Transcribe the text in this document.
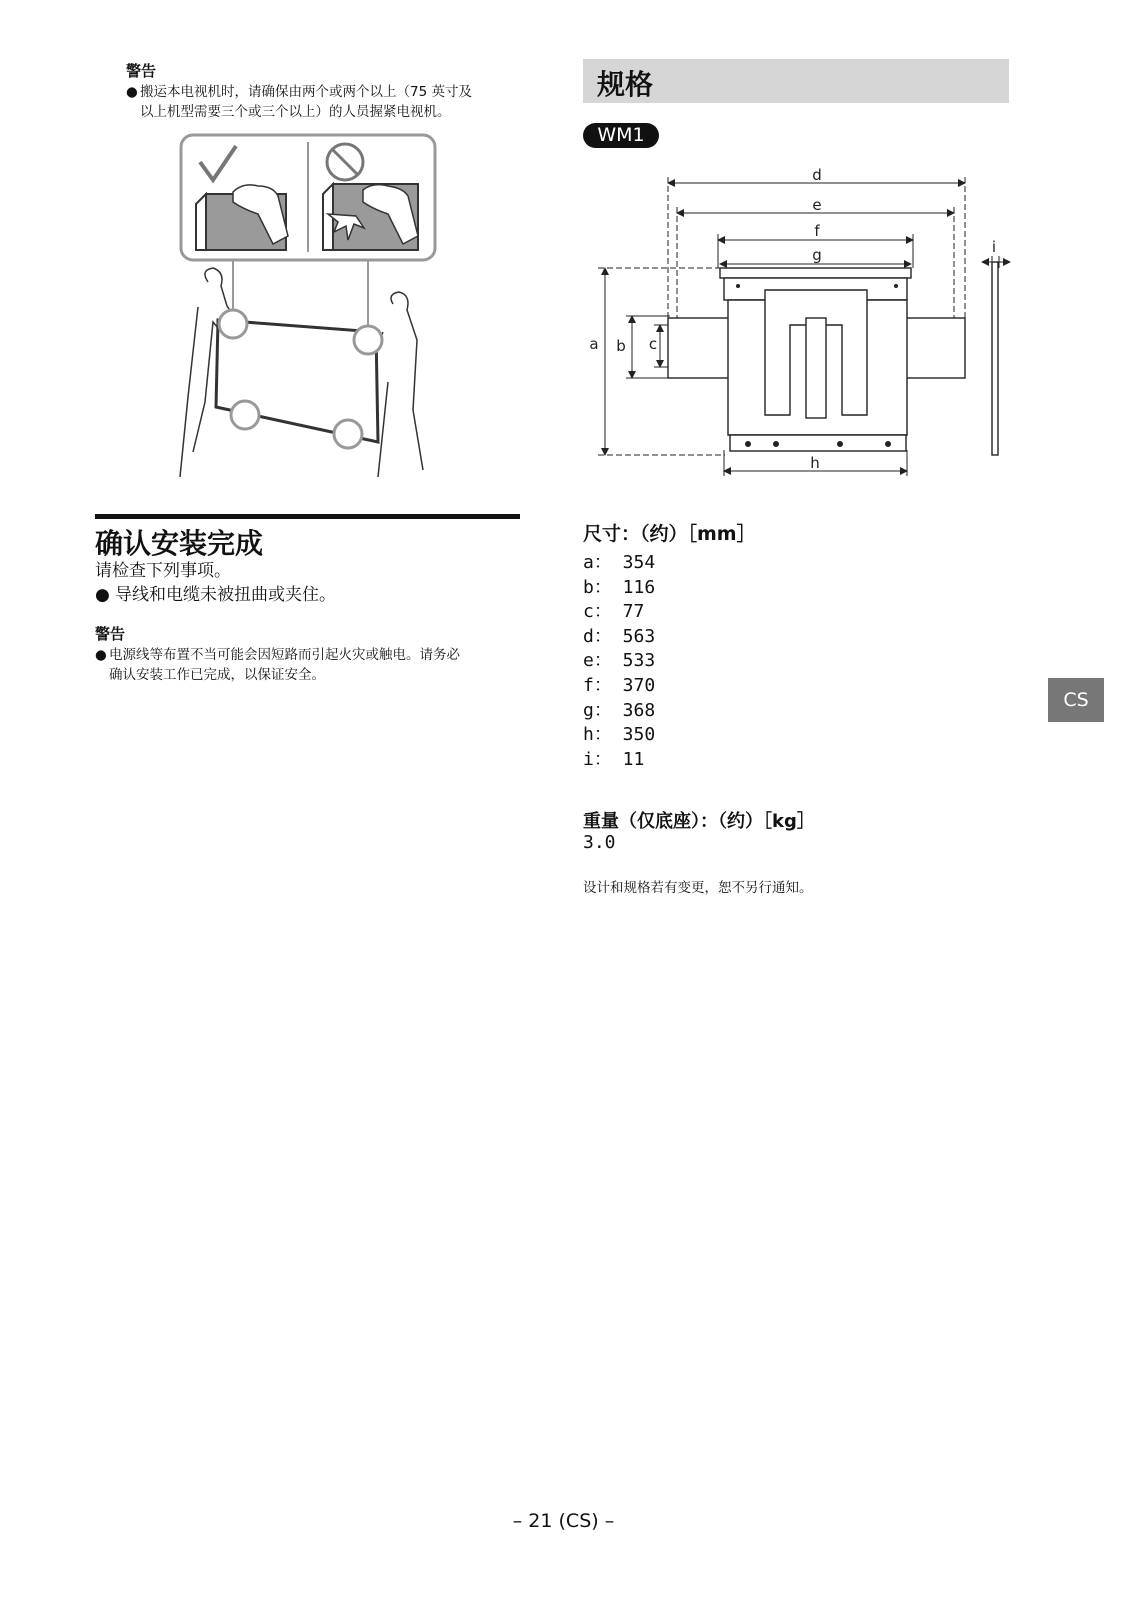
警告
● 搬运本电视机时，请确保由两个或两个以上（75 英寸及
以上机型需要三个或三个以上）的人员握紧电视机。
确认安装完成
请检查下列事项。
● 导线和电缆未被扭曲或夹住。
警告
● 电源线等布置不当可能会因短路而引起火灾或触电。请务必
确认安装工作已完成，以保证安全。
规格
WM1
d
e
f
g
a b c
h
i
尺寸：（约）［mm］
a： 354
b： 116
c： 77
d： 563
e： 533
f： 370
g： 368
h： 350
i： 11
重量（仅底座）：（约）［kg］
3.0
设计和规格若有变更，恕不另行通知。
CS
– 21 (CS) –
